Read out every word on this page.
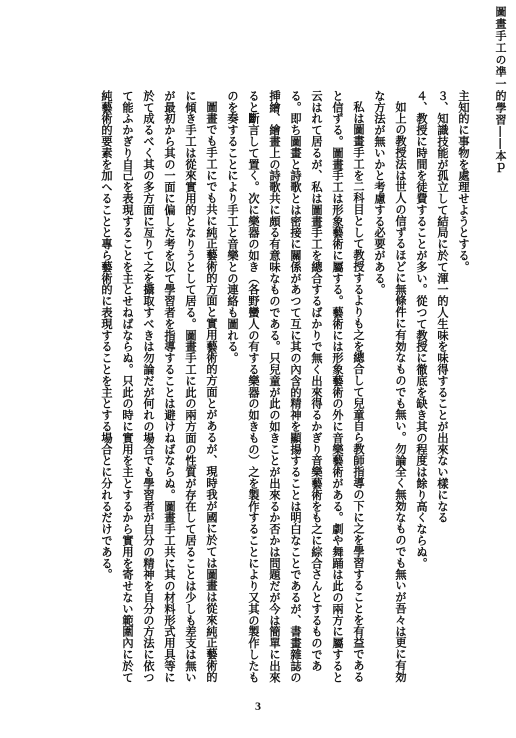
圖畫手工の凖一的學習――本ｐ

主知的に事物を處理せようとする。

３、知識技能が孤立して結局に於て渾一的人生味を味得することが出來ない樣になる

４、教授に時間を徒費することが多い。從つて教授に徹底を缺き其の程度は餘り高くならぬ。

如上の教授法は世人の信ずるほどに無條件に有効なものでも無い。勿論全く無効なものでも無いが吾々は更に有効な方法が無いかと考慮する必要がある。

私は圖畫手工を二科目として教授するよりも之を總合して兒童自ら教師指導の下に之を學習することを有益であると信ずる。圖畫手工は形象藝術に屬する。藝術には形象藝術の外に音樂藝術がある。劇や舞踊は此の兩方に屬すると云はれて居るが、私は圖畫手工を總合するばかりで無く出來得るかぎり音樂藝術をも之に綜合さんとするものである。即ち圖畫と詩歌とは密接に關係があつて互に其の內含的精神を顯揚することは明白なことであるが、書畫雜誌の挿繪、繪畫上の詩歌共に頗る有意味なものである。只兒童が此の如きことが出來るか否かは問題だが今は簡單に出來ると斷言して置く。次に樂器の如き（各野蠻人の有する樂器の如きもの）之を製作することにより又其の製作したものを奏することにより手工と音樂との連絡も圖れる。

圖畫でも手工にでも共に純正藝術的方面と實用藝術的方面とがあるが、現時我が國に於ては圖畫は從來純正藝術的に傾き手工は從來實用的となりうとして居る。圖畫手工に此の兩方面の性質が存在して居ることは少しも差支は無いが最初から其の一面に偏した考を以て學習者を指導することは避けねばならぬ。圖畫手工共に其の材料形式用具等に於て成るべく其の多方面に亙りて之を攝取すべきは勿論だが何れの場合でも學習者が自分の精神を自分の方法に依つて能ふかぎり自己を表現することを主とせねばならぬ。只此の時に實用を主とするから實用を寄せない範圍內に於て純藝術的要素を加へることと專ら藝術的に表現することを主とする場合とに分れるだけである。

3
